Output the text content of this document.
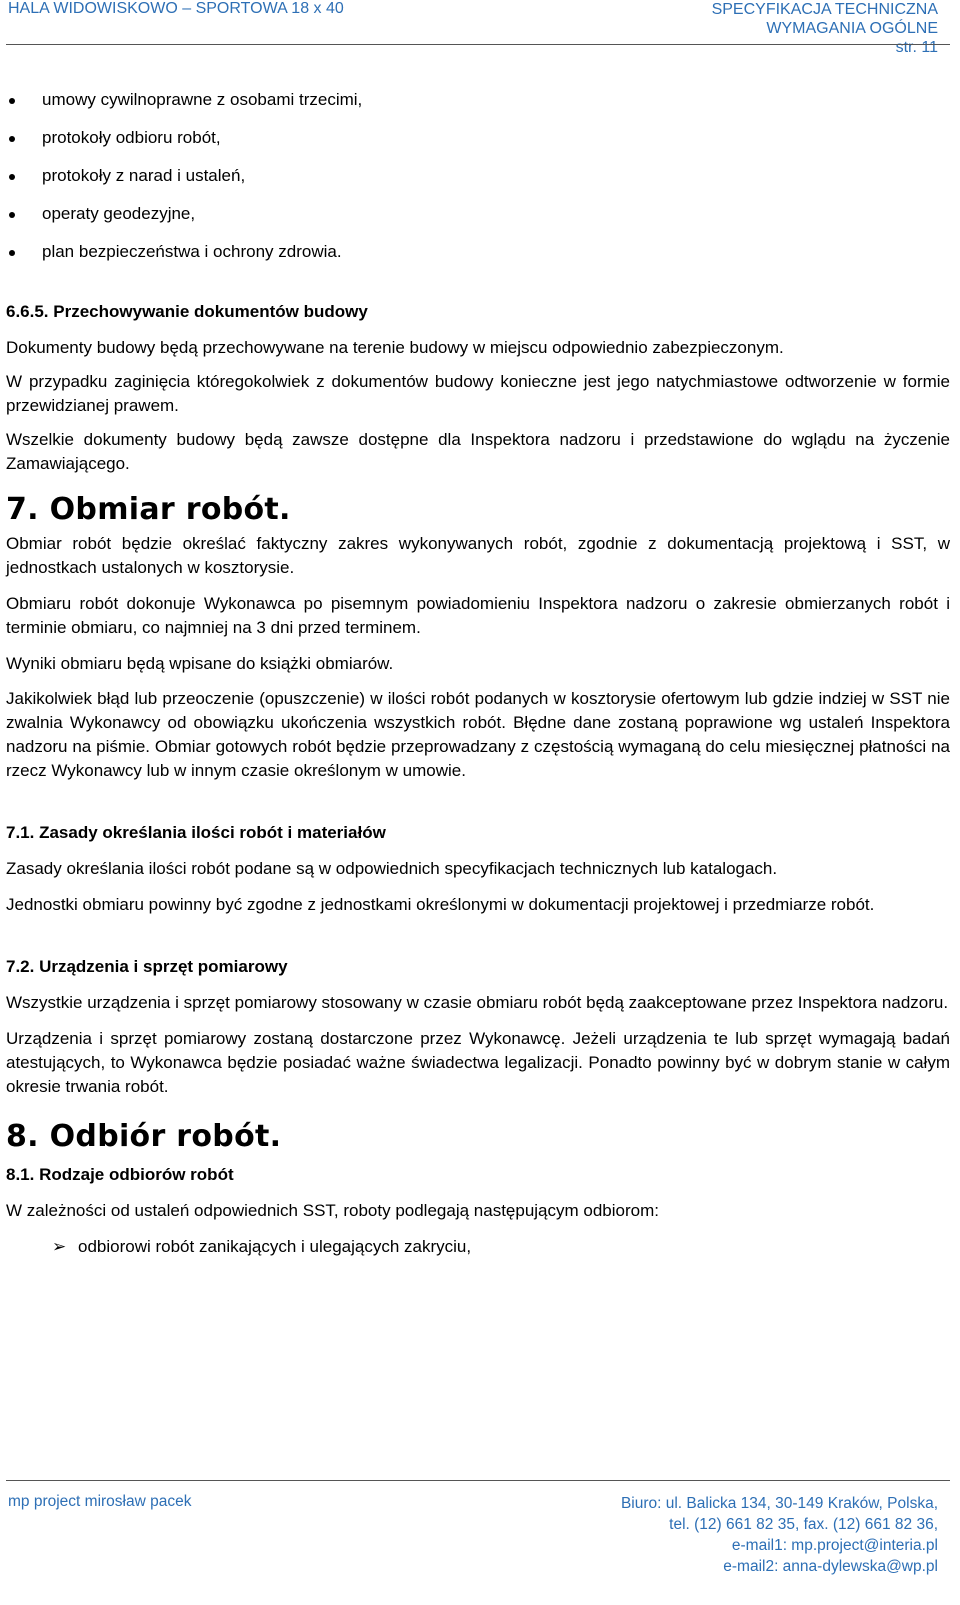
HALA WIDOWISKOWO – SPORTOWA 18 x 40	SPECYFIKACJA TECHNICZNA
WYMAGANIA OGÓLNE
str. 11
umowy cywilnoprawne z osobami trzecimi,
protokoły odbioru robót,
protokoły z narad i ustaleń,
operaty geodezyjne,
plan bezpieczeństwa i ochrony zdrowia.
6.6.5. Przechowywanie dokumentów budowy

Dokumenty budowy będą przechowywane na terenie budowy w miejscu odpowiednio zabezpieczonym.

W przypadku zaginięcia któregokolwiek z dokumentów budowy konieczne jest jego natychmiastowe odtworzenie w formie przewidzianej prawem.

Wszelkie dokumenty budowy będą zawsze dostępne dla Inspektora nadzoru i przedstawione do wglądu na życzenie Zamawiającego.

7. Obmiar robót.

Obmiar robót będzie określać faktyczny zakres wykonywanych robót, zgodnie z dokumentacją projektową i SST, w jednostkach ustalonych w kosztorysie.

Obmiaru robót dokonuje Wykonawca po pisemnym powiadomieniu Inspektora nadzoru o zakresie obmierzanych robót i terminie obmiaru, co najmniej na 3 dni przed terminem.

Wyniki obmiaru będą wpisane do książki obmiarów.

Jakikolwiek błąd lub przeoczenie (opuszczenie) w ilości robót podanych w kosztorysie ofertowym lub gdzie indziej w SST nie zwalnia Wykonawcy od obowiązku ukończenia wszystkich robót. Błędne dane zostaną poprawione wg ustaleń Inspektora nadzoru na piśmie. Obmiar gotowych robót będzie przeprowadzany z częstością wymaganą do celu miesięcznej płatności na rzecz Wykonawcy lub w innym czasie określonym w umowie.

7.1. Zasady określania ilości robót i materiałów

Zasady określania ilości robót podane są w odpowiednich specyfikacjach technicznych lub katalogach.

Jednostki obmiaru powinny być zgodne z jednostkami określonymi w dokumentacji projektowej i przedmiarze robót.

7.2. Urządzenia i sprzęt pomiarowy

Wszystkie urządzenia i sprzęt pomiarowy stosowany w czasie obmiaru robót będą zaakceptowane przez Inspektora nadzoru.

Urządzenia i sprzęt pomiarowy zostaną dostarczone przez Wykonawcę. Jeżeli urządzenia te lub sprzęt wymagają badań atestujących, to Wykonawca będzie posiadać ważne świadectwa legalizacji. Ponadto powinny być w dobrym stanie w całym okresie trwania robót.

8. Odbiór robót.
8.1. Rodzaje odbiorów robót

W zależności od ustaleń odpowiednich SST, roboty podlegają następującym odbiorom:

➢ odbiorowi robót zanikających i ulegających zakryciu,
mp project mirosław pacek	Biuro: ul. Balicka 134, 30-149 Kraków, Polska,
tel. (12) 661 82 35, fax. (12) 661 82 36,
e-mail1: mp.project@interia.pl
e-mail2: anna-dylewska@wp.pl
